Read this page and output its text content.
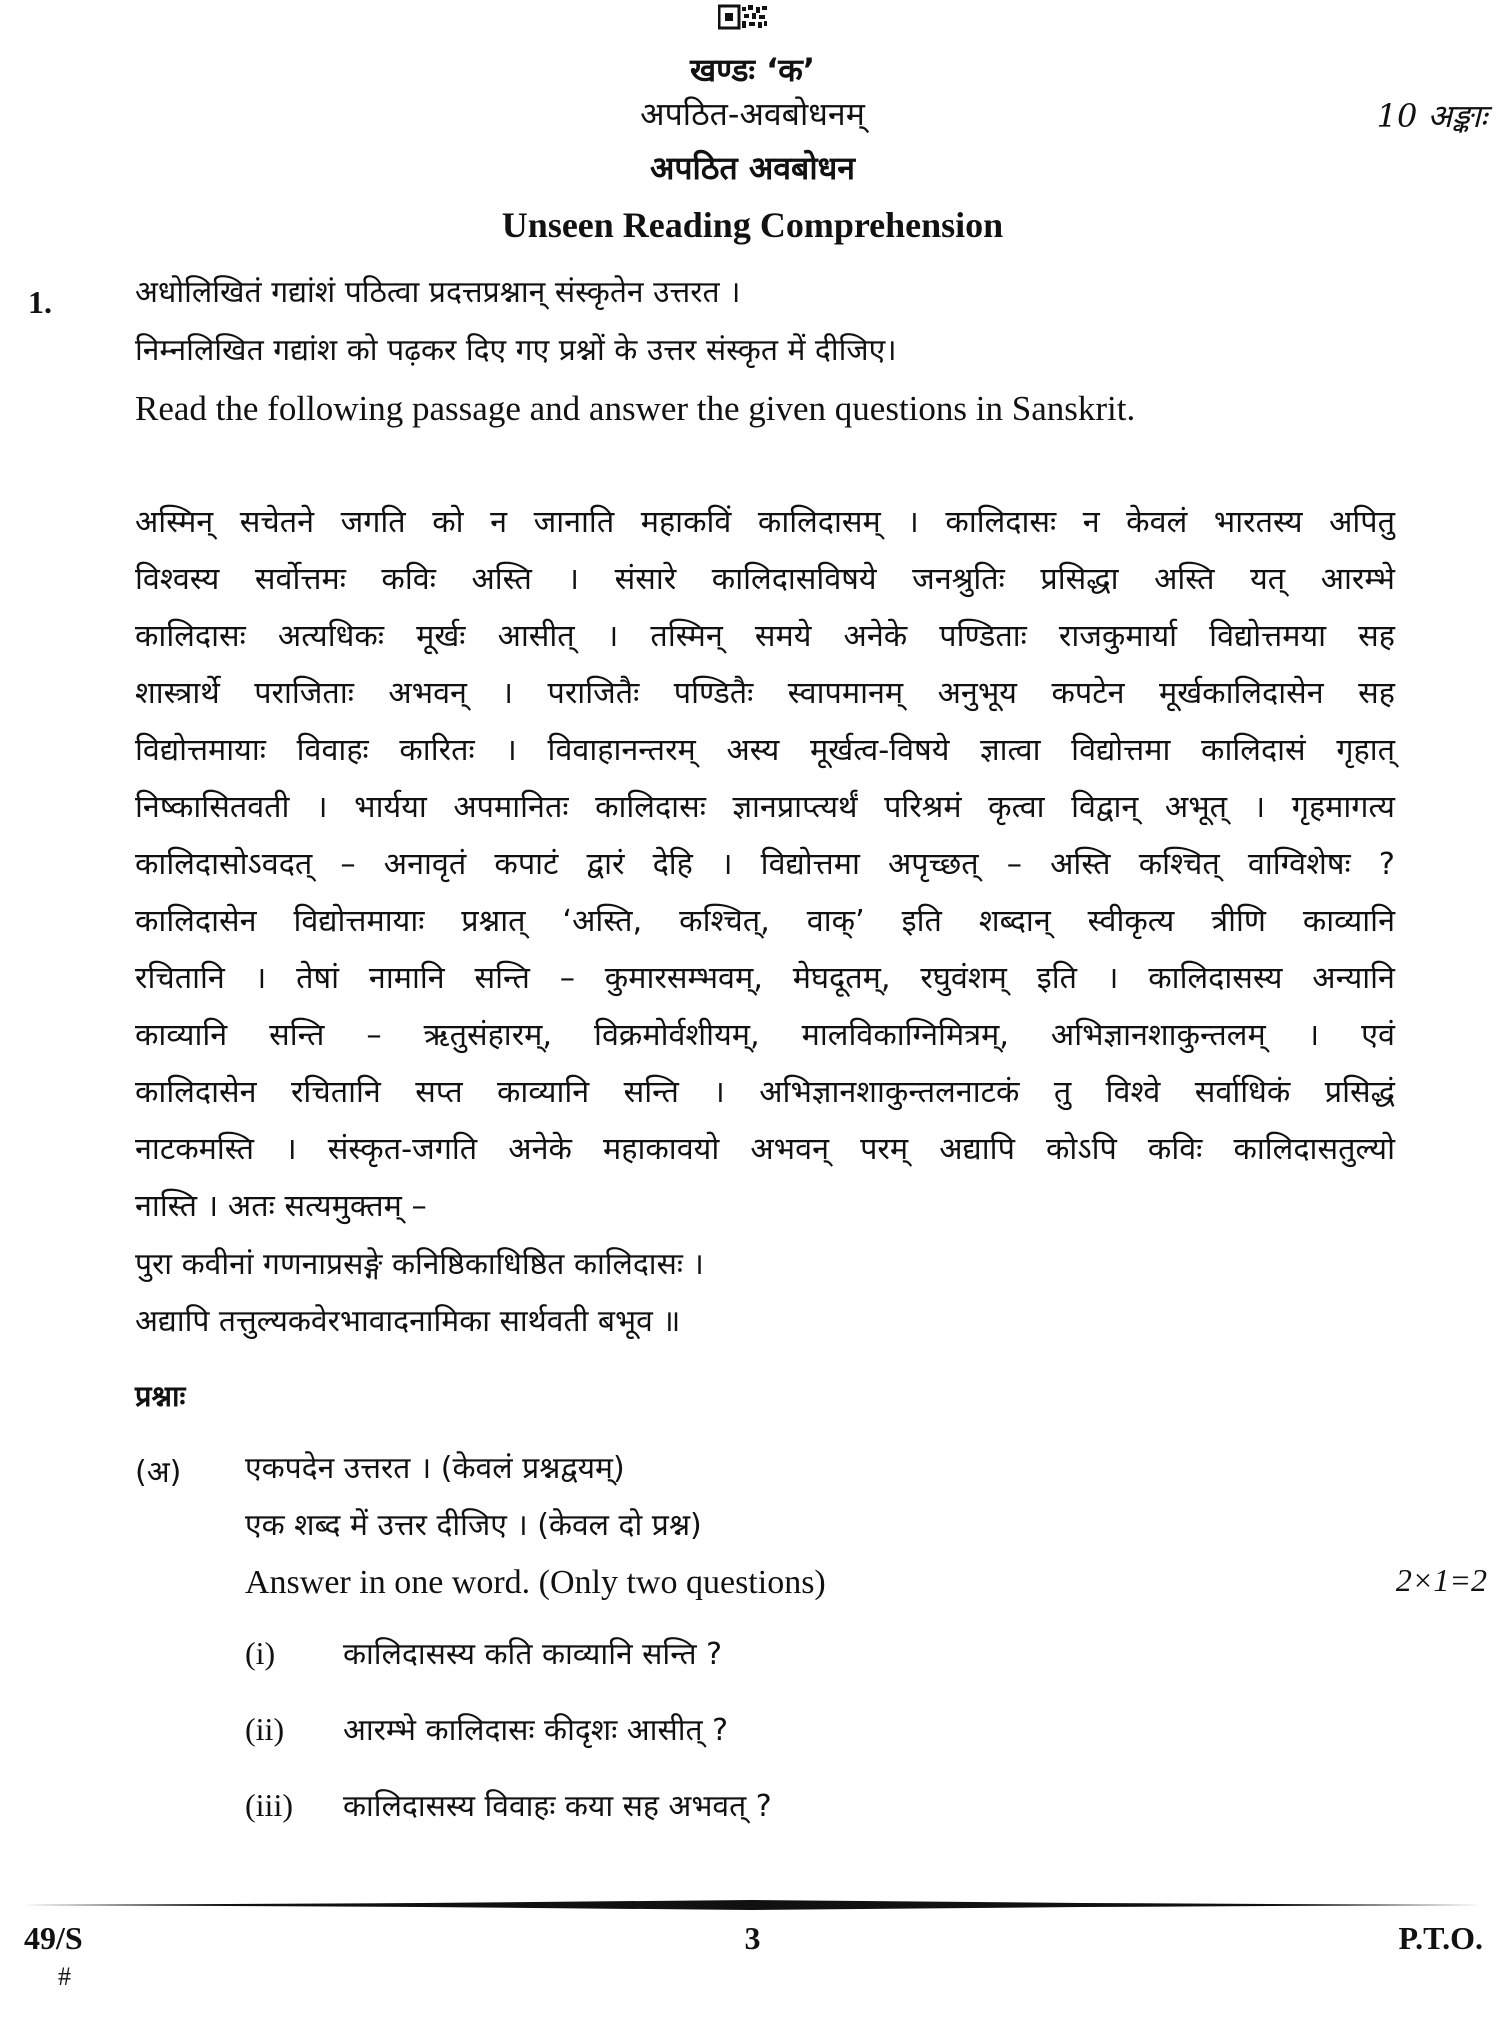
खण्डः ‘क’
अपठित-अवबोधनम्	10 अङ्काः
अपठित अवबोधन
Unseen Reading Comprehension
1.	अधोलिखितं गद्यांशं पठित्वा प्रदत्तप्रश्नान् संस्कृतेन उत्तरत ।
निम्नलिखित गद्यांश को पढ़कर दिए गए प्रश्नों के उत्तर संस्कृत में दीजिए।
Read the following passage and answer the given questions in Sanskrit.
अस्मिन् सचेतने जगति को न जानाति महाकविं कालिदासम् । कालिदासः न केवलं भारतस्य अपितु
विश्वस्य सर्वोत्तमः कविः अस्ति । संसारे कालिदासविषये जनश्रुतिः प्रसिद्धा अस्ति यत् आरम्भे
कालिदासः अत्यधिकः मूर्खः आसीत् । तस्मिन् समये अनेके पण्डिताः राजकुमार्या विद्योत्तमया सह
शास्त्रार्थे पराजिताः अभवन् । पराजितैः पण्डितैः स्वापमानम् अनुभूय कपटेन मूर्खकालिदासेन सह
विद्योत्तमायाः विवाहः कारितः । विवाहानन्तरम् अस्य मूर्खत्व-विषये ज्ञात्वा विद्योत्तमा कालिदासं गृहात्
निष्कासितवती । भार्यया अपमानितः कालिदासः ज्ञानप्राप्त्यर्थं परिश्रमं कृत्वा विद्वान् अभूत् । गृहमागत्य
कालिदासोऽवदत् – अनावृतं कपाटं द्वारं देहि । विद्योत्तमा अपृच्छत् – अस्ति कश्चित् वाग्विशेषः ?
कालिदासेन विद्योत्तमायाः प्रश्नात् ‘अस्ति, कश्चित्, वाक्’ इति शब्दान् स्वीकृत्य त्रीणि काव्यानि
रचितानि । तेषां नामानि सन्ति – कुमारसम्भवम्, मेघदूतम्, रघुवंशम् इति । कालिदासस्य अन्यानि
काव्यानि सन्ति – ऋतुसंहारम्, विक्रमोर्वशीयम्, मालविकाग्निमित्रम्, अभिज्ञानशाकुन्तलम् । एवं
कालिदासेन रचितानि सप्त काव्यानि सन्ति । अभिज्ञानशाकुन्तलनाटकं तु विश्वे सर्वाधिकं प्रसिद्धं
नाटकमस्ति । संस्कृत-जगति अनेके महाकावयो अभवन् परम् अद्यापि कोऽपि कविः कालिदासतुल्यो
नास्ति । अतः सत्यमुक्तम् –
पुरा कवीनां गणनाप्रसङ्गे कनिष्ठिकाधिष्ठित कालिदासः ।
अद्यापि तत्तुल्यकवेरभावादनामिका सार्थवती बभूव ॥
प्रश्नाः
(अ) एकपदेन उत्तरत । (केवलं प्रश्नद्वयम्)
एक शब्द में उत्तर दीजिए । (केवल दो प्रश्न)
Answer in one word. (Only two questions)	2×1=2
(i) कालिदासस्य कति काव्यानि सन्ति ?
(ii) आरम्भे कालिदासः कीदृशः आसीत् ?
(iii) कालिदासस्य विवाहः कया सह अभवत् ?
49/S
#
3	P.T.O.
